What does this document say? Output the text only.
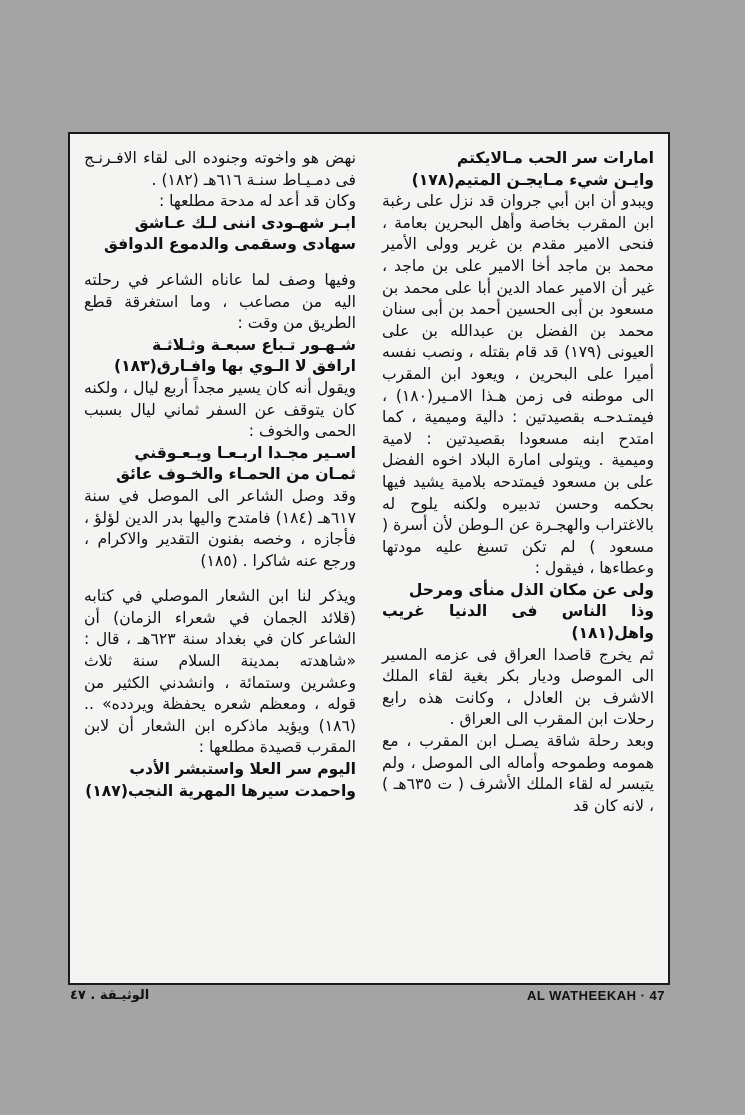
امارات سر الحب مـالايكتم

وايـن شيء مـايجـن المتيم(١٧٨)

ويبدو أن ابن أبي جروان قد نزل على رغبة ابن المقرب بخاصة وأهل البحرين بعامة ، فنحى الامير مقدم بن غرير وولى الأمير محمد بن ماجد أخا الامير على بن ماجد ، غير أن الامير عماد الدين أبا على محمد بن مسعود بن أبى الحسين أحمد بن أبى سنان محمد بن الفضل بن عبدالله بن على العيونى (١٧٩) قد قام بقتله ، ونصب نفسه أميرا على البحرين ، ويعود ابن المقرب الى موطنه فى زمن هـذا الامـير(١٨٠) ، فيمتـدحـه بقصيدتين : دالية وميمية ، كما امتدح ابنه مسعودا بقصيدتين : لامية وميمية . ويتولى امارة البلاد اخوه الفضل على بن مسعود فيمتدحه بلامية يشيد فيها بحكمه وحسن تدبيره ولكنه يلوح له بالاغتراب والهجـرة عن الـوطن لأن أسرة ( مسعود ) لم تكن تسبغ عليه مودتها وعطاءها ، فيقول :

ولى عن مكان الذل منأى ومرحل

وذا الناس فى الدنيا غريب واهل(١٨١)

ثم يخرج قاصدا العراق فى عزمه المسير الى الموصل وديار بكر بغية لقاء الملك الاشرف بن العادل ، وكانت هذه رابع رحلات ابن المقرب الى العراق .

وبعد رحلة شاقة يصـل ابن المقرب ، مع همومه وطموحه وأماله الى الموصل ، ولم يتيسر له لقاء الملك الأشرف ( ت ٦٣٥هـ ) ، لانه كان قد

نهض هو واخوته وجنوده الى لقاء الافـرنـج فى دمـيـاط سنـة ٦١٦هـ (١٨٢) .

وكان قد أعد له مدحة مطلعها :

ابـر شهـودى اننى لـك عـاشق

سهادى وسقمى والدموع الدوافق

وفيها وصف لما عاناه الشاعر في رحلته اليه من مصاعب ، وما استغرقة قطع الطريق من وقت :

شـهـور تـباع سبعـة وثـلاثـة

ارافق لا الـوي بها وافـارق(١٨٣)

ويقول أنه كان يسير مجداً أربع ليال ، ولكنه كان يتوقف عن السفر ثماني ليال بسبب الحمى والخوف :

اسـير مجـدا اربـعـا ويـعـوقني

ثمـان من الحمـاء والخـوف عائق

وقد وصل الشاعر الى الموصل في سنة ٦١٧هـ (١٨٤) فامتدح واليها بدر الدين لؤلؤ ، فأجازه ، وخصه بفنون التقدير والاكرام ، ورجع عنه شاكرا . (١٨٥)

ويذكر لنا ابن الشعار الموصلي في كتابه (قلائد الجمان في شعراء الزمان) أن الشاعر كان في بغداد سنة ٦٢٣هـ ، قال : «شاهدته بمدينة السلام سنة ثلاث وعشرين وستمائة ، وانشدني الكثير من قوله ، ومعظم شعره يحفظة ويردده» .. (١٨٦) ويؤيد ماذكره ابن الشعار أن لابن المقرب قصيدة مطلعها :

اليوم سر العلا واستبشر الأدب

واحمدت سيرها المهرية النجب(١٨٧)

الوثيـقة . ٤٧	AL WATHEEKAH · 47
